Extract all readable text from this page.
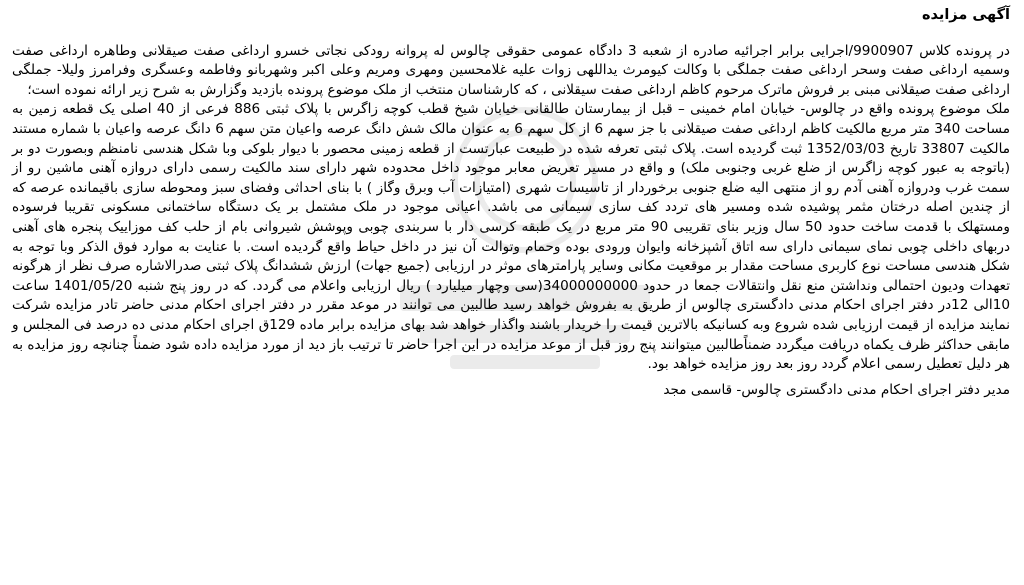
آگهی مزایده

در پرونده کلاس 9900907/اجرایی برابر اجرائیه صادره از شعبه 3 دادگاه عمومی حقوقی چالوس له پروانه رودکی نجاتی خسرو ارداغی صفت صیقلانی وطاهره ارداغی صفت وسمیه ارداغی صفت وسحر ارداغی صفت جملگی با وکالت کیومرث یداللهی زوات علیه غلامحسین ومهری ومریم وعلی اکبر وشهربانو وفاطمه وعسگری وفرامرز ولیلا- جملگی ارداغی صفت صیقلانی مبنی بر فروش ماترک مرحوم کاظم ارداغی صفت سیقلانی ، که کارشناسان منتخب از ملک موضوع پرونده بازدید وگزارش به شرح زیر ارائه نموده است؛

ملک موضوع پرونده واقع در چالوس- خیابان امام خمینی – قبل از بیمارستان طالقانی خیابان شیخ قطب کوچه زاگرس با پلاک ثبتی 886 فرعی از 40 اصلی یک قطعه زمین به مساحت 340 متر مربع مالکیت کاظم ارداغی صفت صیقلانی با جز سهم 6 از کل سهم 6 به عنوان مالک شش دانگ عرصه واعیان متن سهم 6 دانگ عرصه واعیان با شماره مستند مالکیت 33807 تاریخ 1352/03/03 ثبت گردیده است. پلاک ثبتی تعرفه شده در طبیعت عبارتست از قطعه زمینی محصور با دیوار بلوکی وبا شکل هندسی نامنظم وبصورت دو بر (باتوجه به عبور کوچه زاگرس از ضلع غربی وجنوبی ملک) و واقع در مسیر تعریض معابر موجود داخل محدوده شهر دارای سند مالکیت رسمی دارای دروازه آهنی ماشین رو از سمت غرب ودروازه آهنی آدم رو از منتهی الیه ضلع جنوبی برخوردار از تاسیسات شهری (امتیازات آب وبرق وگاز ) با بنای احداثی وفضای سبز ومحوطه سازی باقیمانده عرصه که از چندین اصله درختان مثمر پوشیده شده ومسیر های تردد کف سازی سیمانی می باشد. اعیانی موجود در ملک مشتمل بر یک دستگاه ساختمانی مسکونی تقریبا فرسوده ومستهلک با قدمت ساخت حدود 50 سال وزیر بنای تقریبی 90 متر مربع در یک طبقه کرسی دار با سربندی چوبی وپوشش شیروانی بام از حلب کف موزاییک پنجره های آهنی دربهای داخلی چوبی نمای سیمانی دارای سه اتاق آشپزخانه وایوان ورودی بوده وحمام وتوالت آن نیز در داخل حیاط واقع گردیده است. با عنایت به موارد فوق الذکر وبا توجه به شکل هندسی مساحت نوع کاربری مساحت مقدار بر موقعیت مکانی وسایر پارامترهای موثر در ارزیابی (جمیع جهات) ارزش ششدانگ پلاک ثبتی صدرالاشاره صرف نظر از هرگونه تعهدات ودیون احتمالی ونداشتن منع نقل وانتقالات جمعا در حدود 34000000000(سی وچهار میلیارد ) ریال ارزیابی واعلام می گردد. که در روز پنج شنبه 1401/05/20 ساعت 10الی 12در دفتر اجرای احکام مدنی دادگستری چالوس از طریق به بفروش خواهد رسید طالبین می توانند در موعد مقرر در دفتر اجرای احکام مدنی حاضر تادر مزایده شرکت نمایند مزایده از قیمت ارزیابی شده شروع وبه کسانیکه بالاترین قیمت را خریدار باشند واگذار خواهد شد بهای مزایده برابر ماده 129ق اجرای احکام مدنی ده درصد فی المجلس و مابقی حداکثر ظرف یکماه دریافت میگردد ضمناًطالبین میتوانند پنج روز قبل از موعد مزایده در این اجرا حاضر تا ترتیب باز دید از مورد مزایده داده شود ضمناً چنانچه روز مزایده به هر دلیل تعطیل رسمی اعلام گردد روز بعد روز مزایده خواهد بود.

مدیر دفتر اجرای احکام مدنی دادگستری چالوس- قاسمی مجد
